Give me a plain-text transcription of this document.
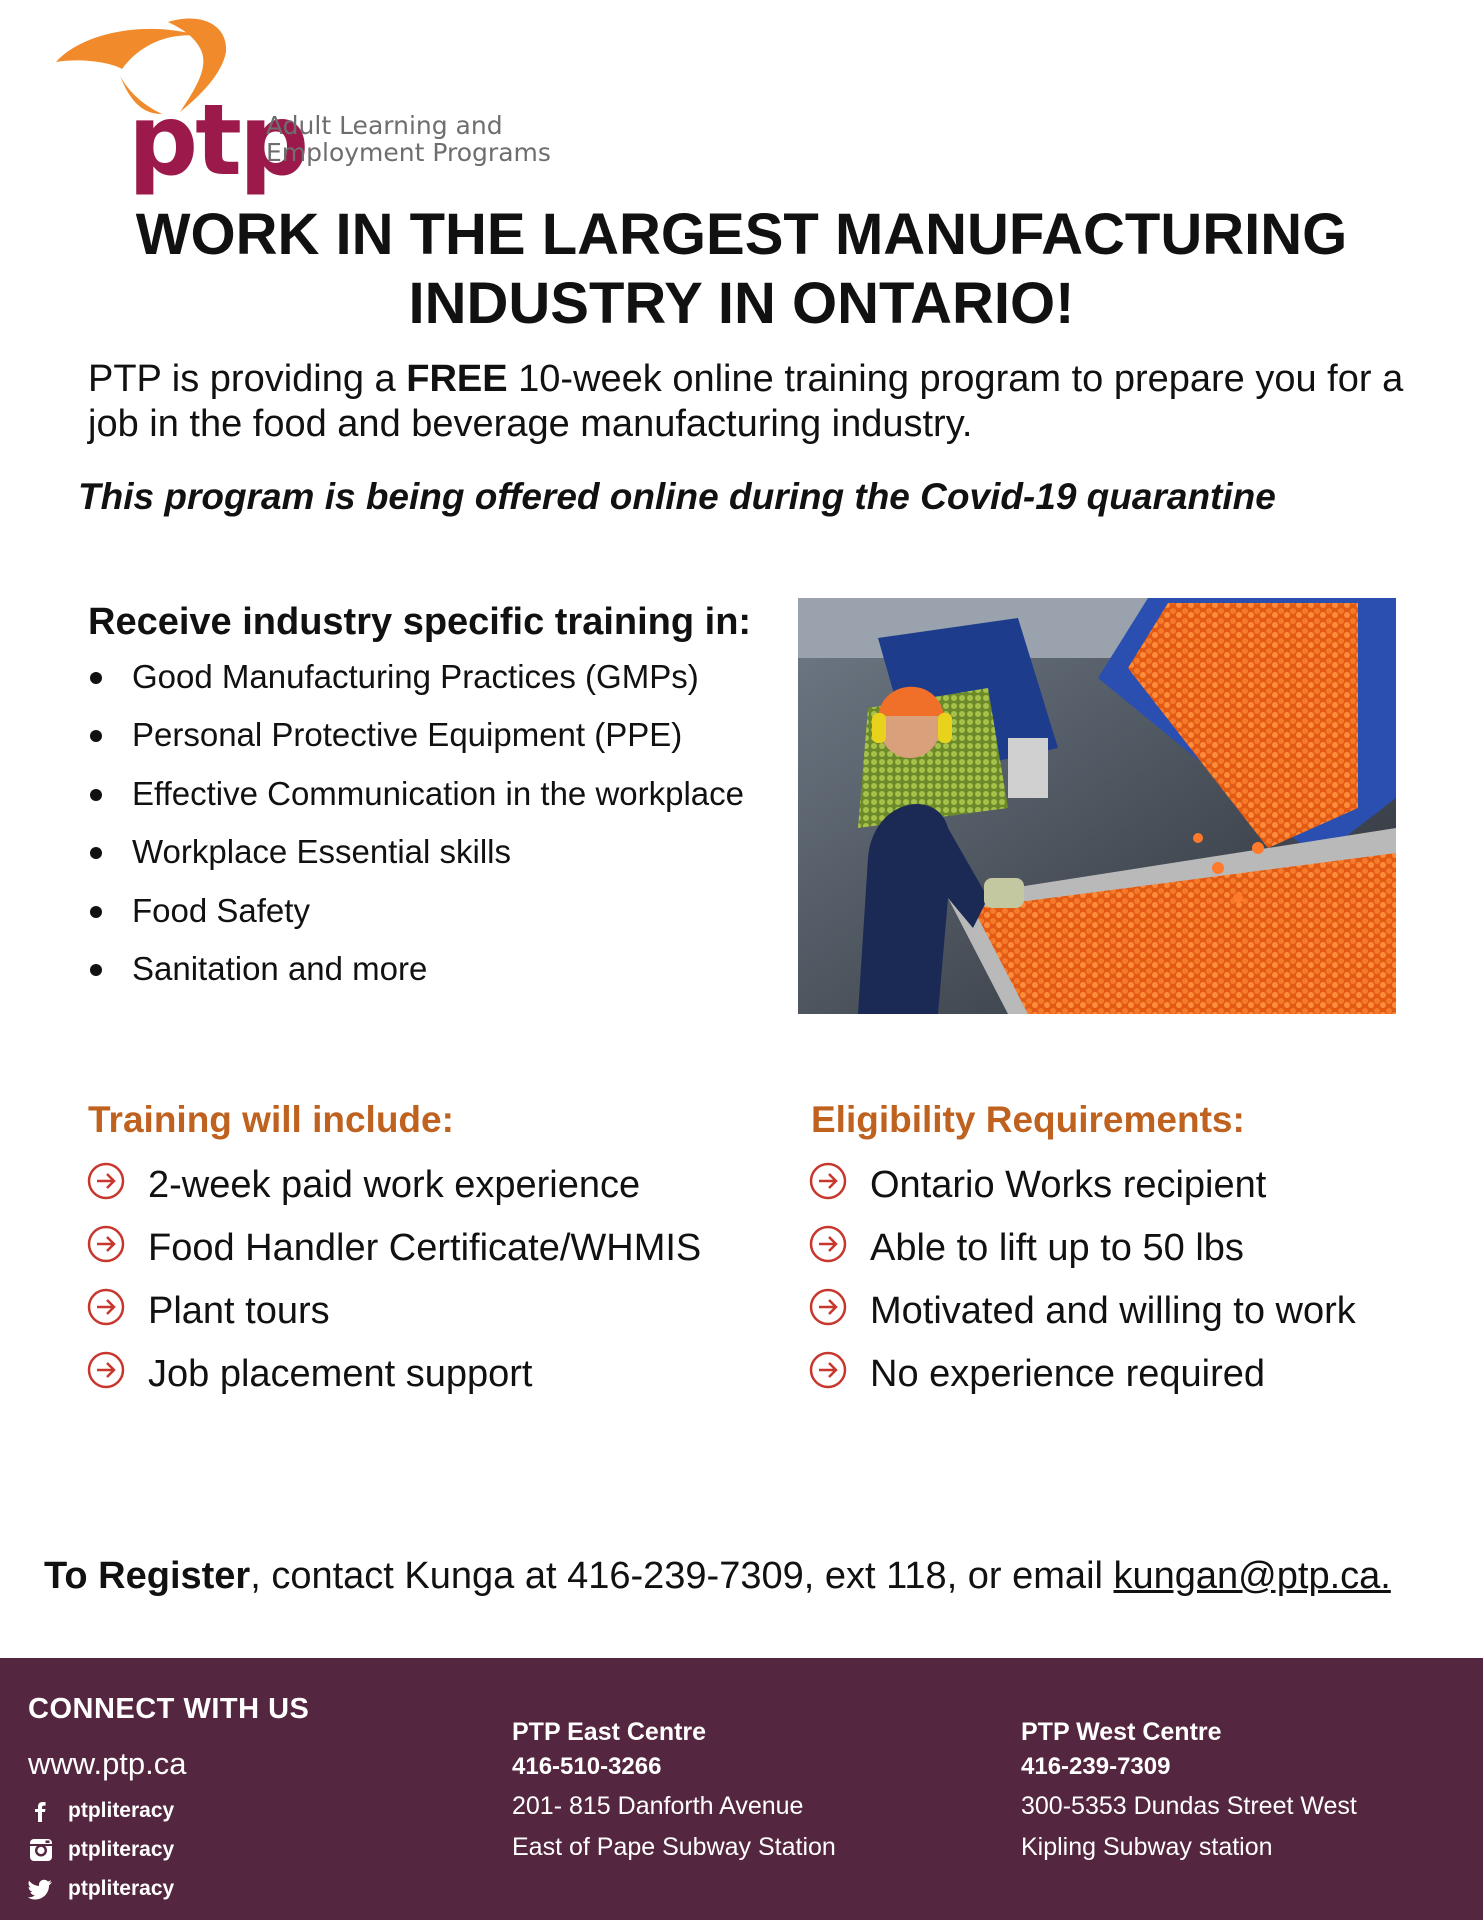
ptp
Adult Learning and
Employment Programs
WORK IN THE LARGEST MANUFACTURING
INDUSTRY IN ONTARIO!

PTP is providing a FREE 10-week online training program to prepare you for a job in the food and beverage manufacturing industry.

This program is being offered online during the Covid-19 quarantine

Receive industry specific training in:
Good Manufacturing Practices (GMPs)
Personal Protective Equipment (PPE)
Effective Communication in the workplace
Workplace Essential skills
Food Safety
Sanitation and more
Training will include:
2-week paid work experience
Food Handler Certificate/WHMIS
Plant tours
Job placement support
Eligibility Requirements:
Ontario Works recipient
Able to lift up to 50 lbs
Motivated and willing to work
No experience required

To Register, contact Kunga at 416-239-7309, ext 118, or email kungan@ptp.ca.

CONNECT WITH US
www.ptp.ca
ptpliteracy
ptpliteracy
ptpliteracy
PTP East Centre
416-510-3266
201- 815 Danforth Avenue
East of Pape Subway Station
PTP West Centre
416-239-7309
300-5353 Dundas Street West
Kipling Subway station
